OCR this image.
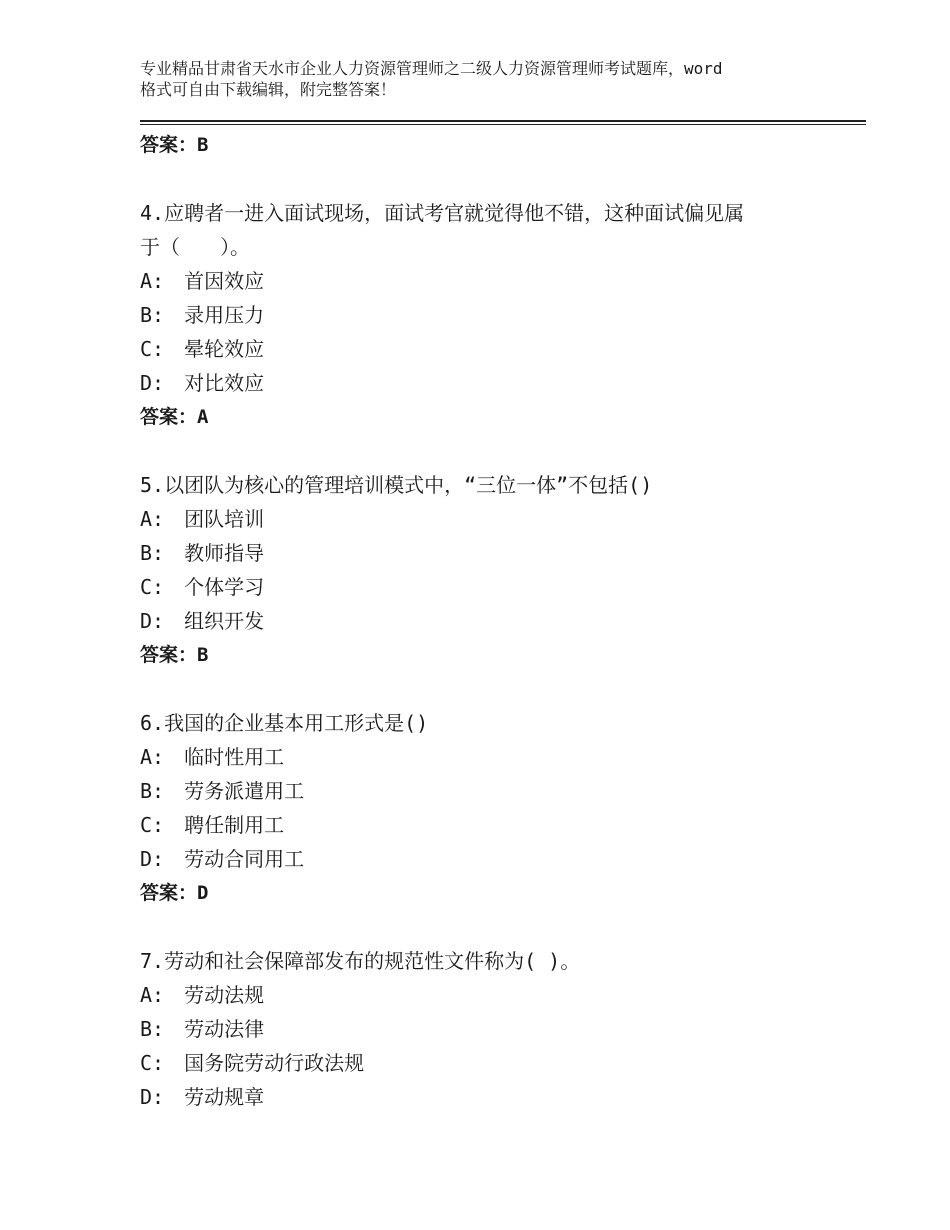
专业精品甘肃省天水市企业人力资源管理师之二级人力资源管理师考试题库，word
格式可自由下载编辑，附完整答案！
答案：B
4.应聘者一进入面试现场，面试考官就觉得他不错，这种面试偏见属
于（　　）。
A:　首因效应
B:　录用压力
C:　晕轮效应
D:　对比效应
答案：A
5.以团队为核心的管理培训模式中，“三位一体”不包括()
A:　团队培训
B:　教师指导
C:　个体学习
D:　组织开发
答案：B
6.我国的企业基本用工形式是()
A:　临时性用工
B:　劳务派遣用工
C:　聘任制用工
D:　劳动合同用工
答案：D
7.劳动和社会保障部发布的规范性文件称为( )。
A:　劳动法规
B:　劳动法律
C:　国务院劳动行政法规
D:　劳动规章
